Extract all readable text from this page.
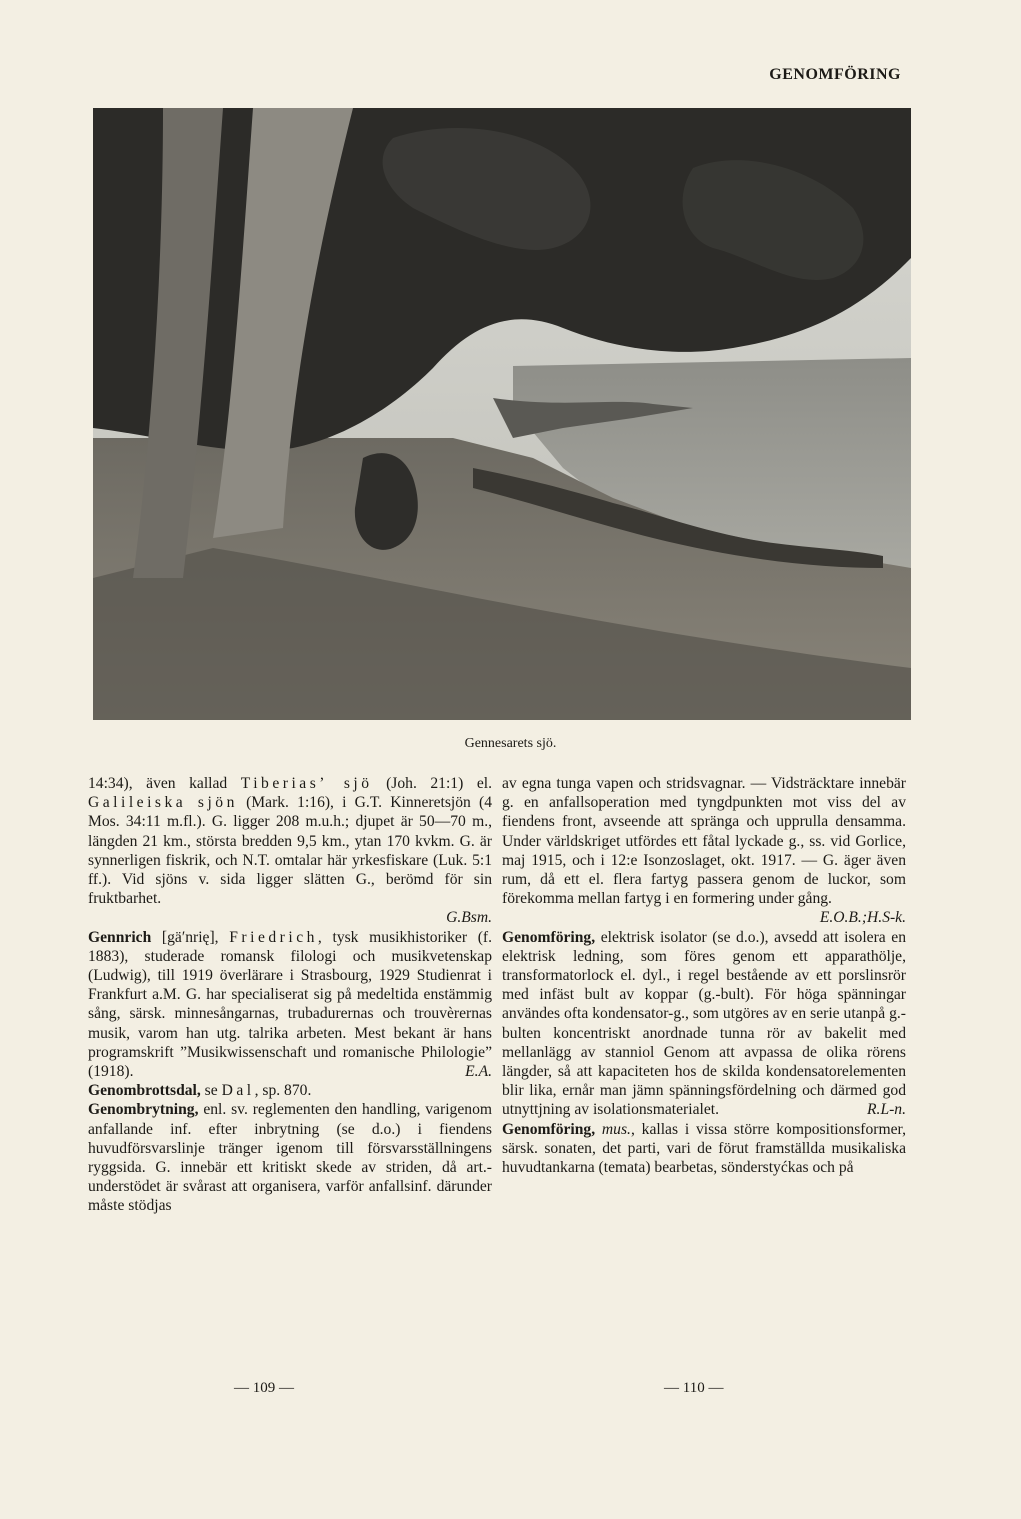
GENOMFÖRING
Gennesarets sjö.

14:34), även kallad Tiberias’ sjö (Joh. 21:1) el. Galileiska sjön (Mark. 1:16), i G.T. Kinneretsjön (4 Mos. 34:11 m.fl.). G. ligger 208 m.u.h.; djupet är 50—70 m., längden 21 km., största bredden 9,5 km., ytan 170 kvkm. G. är synnerligen fiskrik, och N.T. omtalar här yrkesfiskare (Luk. 5:1 ff.). Vid sjöns v. sida ligger slätten G., berömd för sin fruktbarhet.
G.Bsm.

Gennrich [gä′nrię], Friedrich, tysk musikhistoriker (f. 1883), studerade romansk filologi och musikvetenskap (Ludwig), till 1919 överlärare i Strasbourg, 1929 Studienrat i Frankfurt a.M. G. har specialiserat sig på medeltida enstämmig sång, särsk. minnesångarnas, trubadurernas och trouvèrernas musik, varom han utg. talrika arbeten. Mest bekant är hans programskrift ”Musikwissenschaft und romanische Philologie” (1918).	E.A.

Genombrottsdal, se Dal, sp. 870.

Genombrytning, enl. sv. reglementen den handling, varigenom anfallande inf. efter inbrytning (se d.o.) i fiendens huvudförsvarslinje tränger igenom till försvarsställningens ryggsida. G. innebär ett kritiskt skede av striden, då art.-understödet är svårast att organisera, varför anfallsinf. därunder måste stödjas

av egna tunga vapen och stridsvagnar. — Vidsträcktare innebär g. en anfallsoperation med tyngdpunkten mot viss del av fiendens front, avseende att spränga och upprulla densamma. Under världskriget utfördes ett fåtal lyckade g., ss. vid Gorlice, maj 1915, och i 12:e Isonzoslaget, okt. 1917. — G. äger även rum, då ett el. flera fartyg passera genom de luckor, som förekomma mellan fartyg i en formering under gång.
E.O.B.;H.S-k.

Genomföring, elektrisk isolator (se d.o.), avsedd att isolera en elektrisk ledning, som föres genom ett apparathölje, transformatorlock el. dyl., i regel bestående av ett porslinsrör med infäst bult av koppar (g.-bult). För höga spänningar användes ofta kondensator-g., som utgöres av en serie utanpå g.-bulten koncentriskt anordnade tunna rör av bakelit med mellanlägg av stanniol Genom att avpassa de olika rörens längder, så att kapaciteten hos de skilda kondensatorelementen blir lika, ernår man jämn spänningsfördelning och därmed god utnyttjning av isolationsmaterialet.	R.L-n.

Genomföring, mus., kallas i vissa större kompositionsformer, särsk. sonaten, det parti, vari de förut framställda musikaliska huvudtankarna (temata) bearbetas, sönderstyćkas och på

— 109 —	— 110 —
